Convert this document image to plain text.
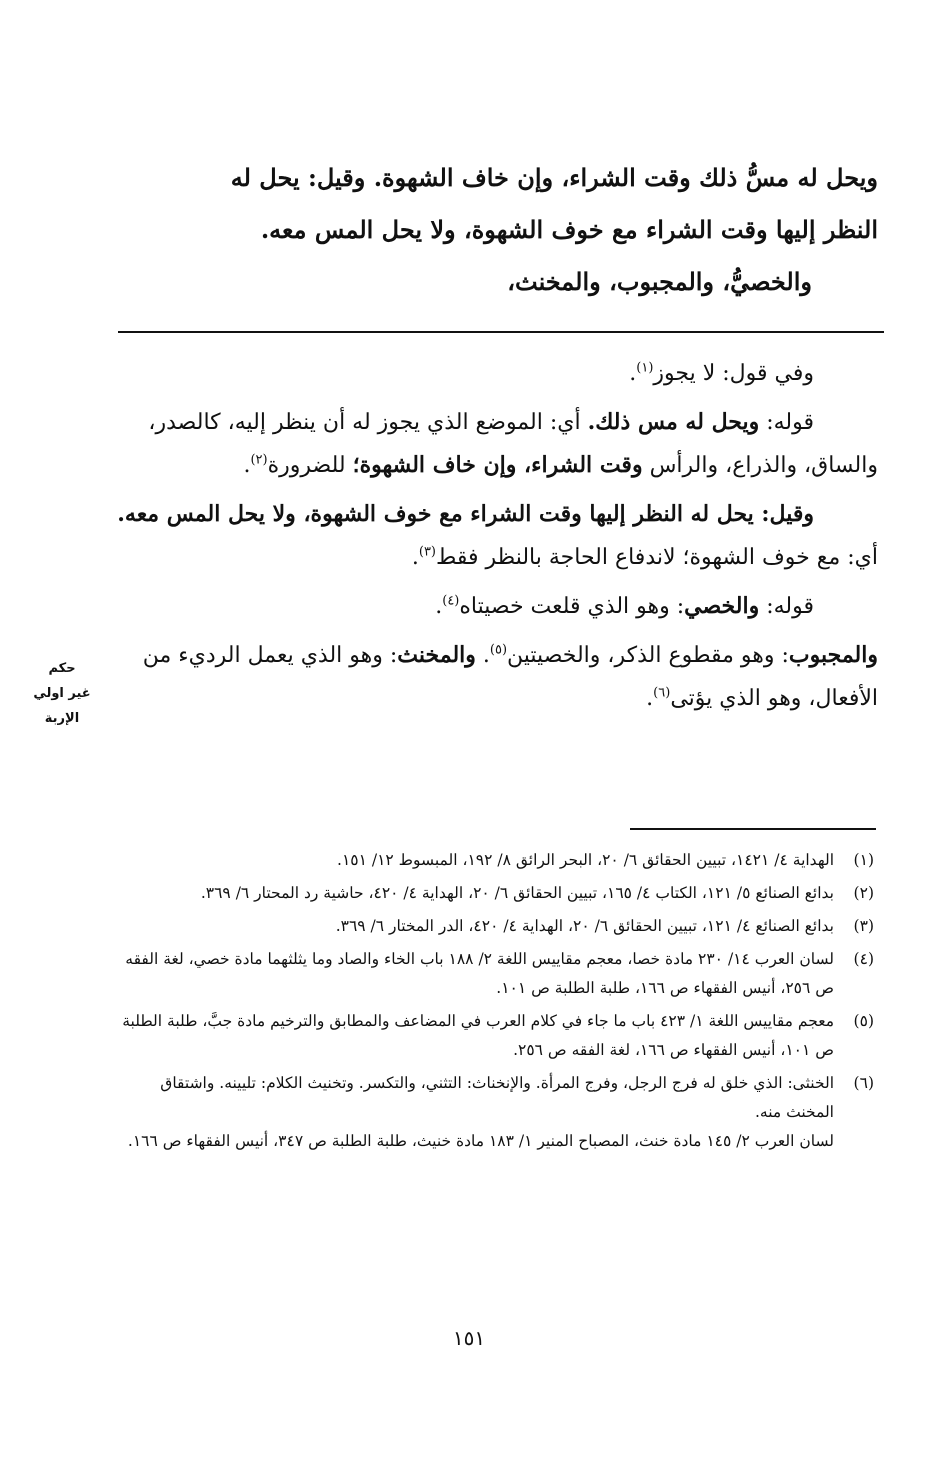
ويحل له مسُّ ذلك وقت الشراء، وإن خاف الشهوة. وقيل: يحل له

النظر إليها وقت الشراء مع خوف الشهوة، ولا يحل المس معه.

والخصيُّ، والمجبوب، والمخنث،

وفي قول: لا يجوز$^{(١)}$.

قوله: ويحل له مس ذلك. أي: الموضع الذي يجوز له أن ينظر إليه، كالصدر، والساق، والذراع، والرأس وقت الشراء، وإن خاف الشهوة؛ للضرورة$^{(٢)}$.

وقيل: يحل له النظر إليها وقت الشراء مع خوف الشهوة، ولا يحل المس معه. أي: مع خوف الشهوة؛ لاندفاع الحاجة بالنظر فقط$^{(٣)}$.

قوله: والخصي: وهو الذي قلعت خصيتاه$^{(٤)}$.

والمجبوب: وهو مقطوع الذكر، والخصيتين$^{(٥)}$. والمخنث: وهو الذي يعمل الرديء من الأفعال، وهو الذي يؤتى$^{(٦)}$.

حكم
غير اولي
الإربة
(١)
الهداية ٤/ ١٤٢١، تبيين الحقائق ٦/ ٢٠، البحر الرائق ٨/ ١٩٢، المبسوط ١٢/ ١٥١.
(٢)
بدائع الصنائع ٥/ ١٢١، الكتاب ٤/ ١٦٥، تبيين الحقائق ٦/ ٢٠، الهداية ٤/ ٤٢٠، حاشية رد المحتار ٦/ ٣٦٩.
(٣)
بدائع الصنائع ٤/ ١٢١، تبيين الحقائق ٦/ ٢٠، الهداية ٤/ ٤٢٠، الدر المختار ٦/ ٣٦٩.
(٤)
لسان العرب ١٤/ ٢٣٠ مادة خصا، معجم مقاييس اللغة ٢/ ١٨٨ باب الخاء والصاد وما يثلثهما مادة خصي، لغة الفقه ص ٢٥٦، أنيس الفقهاء ص ١٦٦، طلبة الطلبة ص ١٠١.
(٥)
معجم مقاييس اللغة ١/ ٤٢٣ باب ما جاء في كلام العرب في المضاعف والمطابق والترخيم مادة جبَّ، طلبة الطلبة ص ١٠١، أنيس الفقهاء ص ١٦٦، لغة الفقه ص ٢٥٦.
(٦)
الخنثى: الذي خلق له فرج الرجل، وفرج المرأة. والإنخناث: التثني، والتكسر. وتخنيث الكلام: تليينه. واشتقاق المخنث منه.
لسان العرب ٢/ ١٤٥ مادة خنث، المصباح المنير ١/ ١٨٣ مادة خنيث، طلبة الطلبة ص ٣٤٧، أنيس الفقهاء ص ١٦٦.
١٥١
